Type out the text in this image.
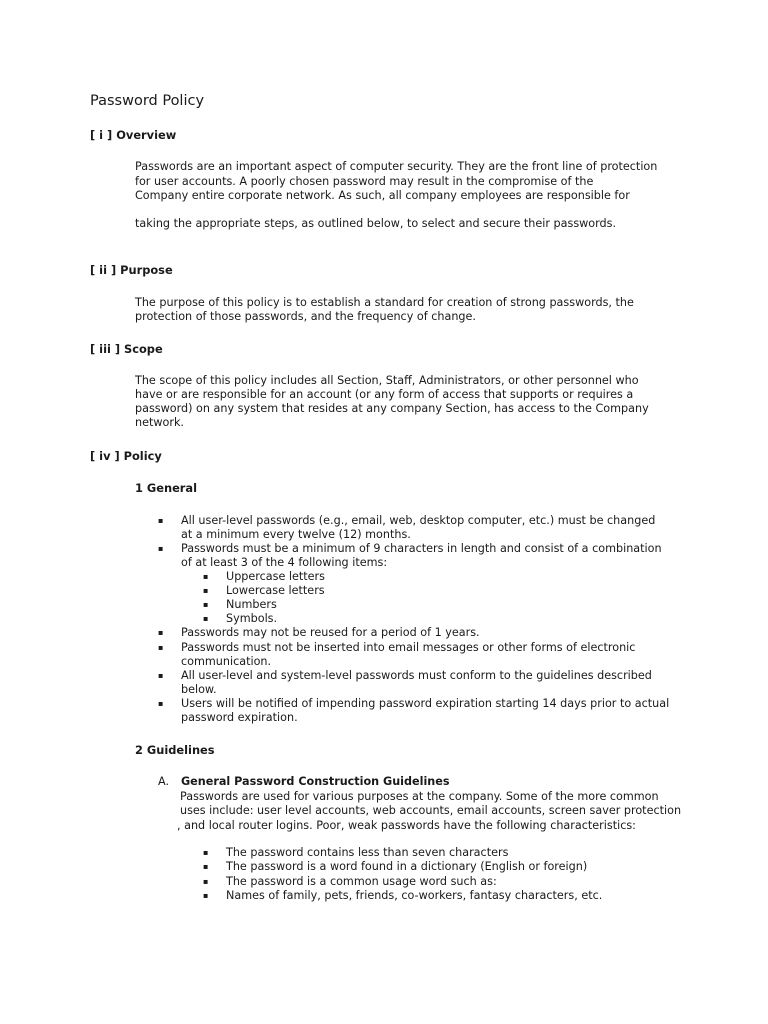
Password Policy
[ i ] Overview
Passwords are an important aspect of computer security. They are the front line of protection
for user accounts. A poorly chosen password may result in the compromise of the
Company entire corporate network. As such, all company employees are responsible for
taking the appropriate steps, as outlined below, to select and secure their passwords.
[ ii ] Purpose
The purpose of this policy is to establish a standard for creation of strong passwords, the
protection of those passwords, and the frequency of change.
[ iii ] Scope
The scope of this policy includes all Section, Staff, Administrators, or other personnel who
have or are responsible for an account (or any form of access that supports or requires a
password) on any system that resides at any company Section, has access to the Company
network.
[ iv ] Policy
1 General
▪ All user-level passwords (e.g., email, web, desktop computer, etc.) must be changed
at a minimum every twelve (12) months.
▪ Passwords must be a minimum of 9 characters in length and consist of a combination
of at least 3 of the 4 following items:
▪ Uppercase letters
▪ Lowercase letters
▪ Numbers
▪ Symbols.
▪ Passwords may not be reused for a period of 1 years.
▪ Passwords must not be inserted into email messages or other forms of electronic
communication.
▪ All user-level and system-level passwords must conform to the guidelines described
below.
▪ Users will be notified of impending password expiration starting 14 days prior to actual
password expiration.
2 Guidelines
A. General Password Construction Guidelines
Passwords are used for various purposes at the company. Some of the more common
uses include: user level accounts, web accounts, email accounts, screen saver protection
, and local router logins. Poor, weak passwords have the following characteristics:
▪ The password contains less than seven characters
▪ The password is a word found in a dictionary (English or foreign)
▪ The password is a common usage word such as:
▪ Names of family, pets, friends, co-workers, fantasy characters, etc.
